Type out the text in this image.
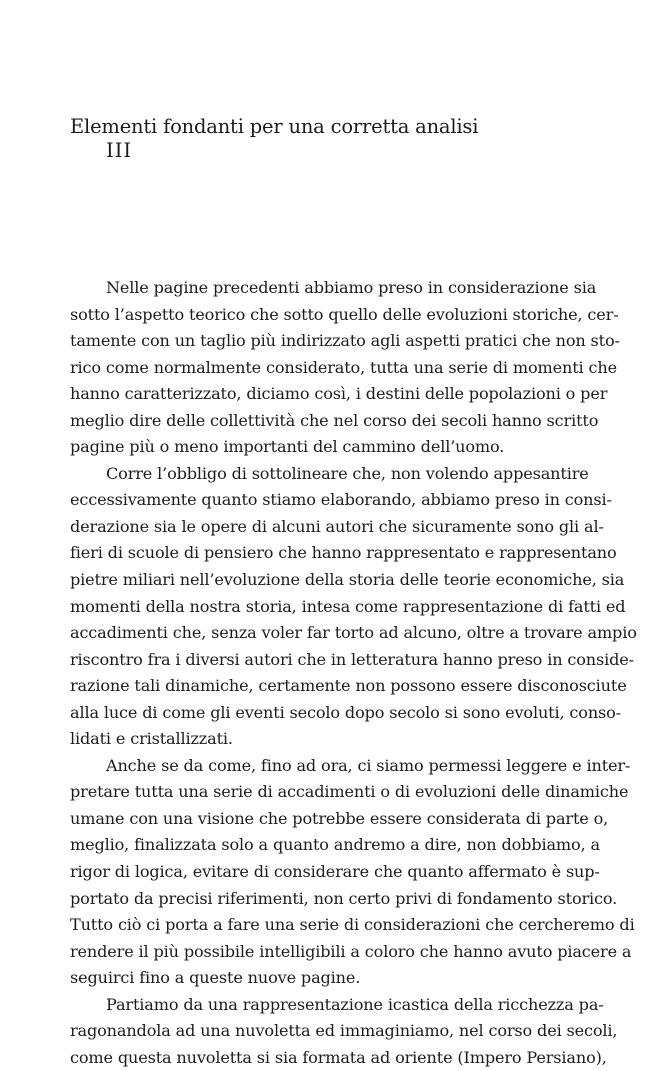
Elementi fondanti per una corretta analisi
III
Nelle pagine precedenti abbiamo preso in considerazione sia
sotto l’aspetto teorico che sotto quello delle evoluzioni storiche, cer-
tamente con un taglio più indirizzato agli aspetti pratici che non sto-
rico come normalmente considerato, tutta una serie di momenti che
hanno caratterizzato, diciamo così, i destini delle popolazioni o per
meglio dire delle collettività che nel corso dei secoli hanno scritto
pagine più o meno importanti del cammino dell’uomo.
Corre l’obbligo di sottolineare che, non volendo appesantire
eccessivamente quanto stiamo elaborando, abbiamo preso in consi-
derazione sia le opere di alcuni autori che sicuramente sono gli al-
fieri di scuole di pensiero che hanno rappresentato e rappresentano
pietre miliari nell’evoluzione della storia delle teorie economiche, sia
momenti della nostra storia, intesa come rappresentazione di fatti ed
accadimenti che, senza voler far torto ad alcuno, oltre a trovare ampio
riscontro fra i diversi autori che in letteratura hanno preso in conside-
razione tali dinamiche, certamente non possono essere disconosciute
alla luce di come gli eventi secolo dopo secolo si sono evoluti, conso-
lidati e cristallizzati.
Anche se da come, fino ad ora, ci siamo permessi leggere e inter-
pretare tutta una serie di accadimenti o di evoluzioni delle dinamiche
umane con una visione che potrebbe essere considerata di parte o,
meglio, finalizzata solo a quanto andremo a dire, non dobbiamo, a
rigor di logica, evitare di considerare che quanto affermato è sup-
portato da precisi riferimenti, non certo privi di fondamento storico.
Tutto ciò ci porta a fare una serie di considerazioni che cercheremo di
rendere il più possibile intelligibili a coloro che hanno avuto piacere a
seguirci fino a queste nuove pagine.
Partiamo da una rappresentazione icastica della ricchezza pa-
ragonandola ad una nuvoletta ed immaginiamo, nel corso dei secoli,
come questa nuvoletta si sia formata ad oriente (Impero Persiano),
